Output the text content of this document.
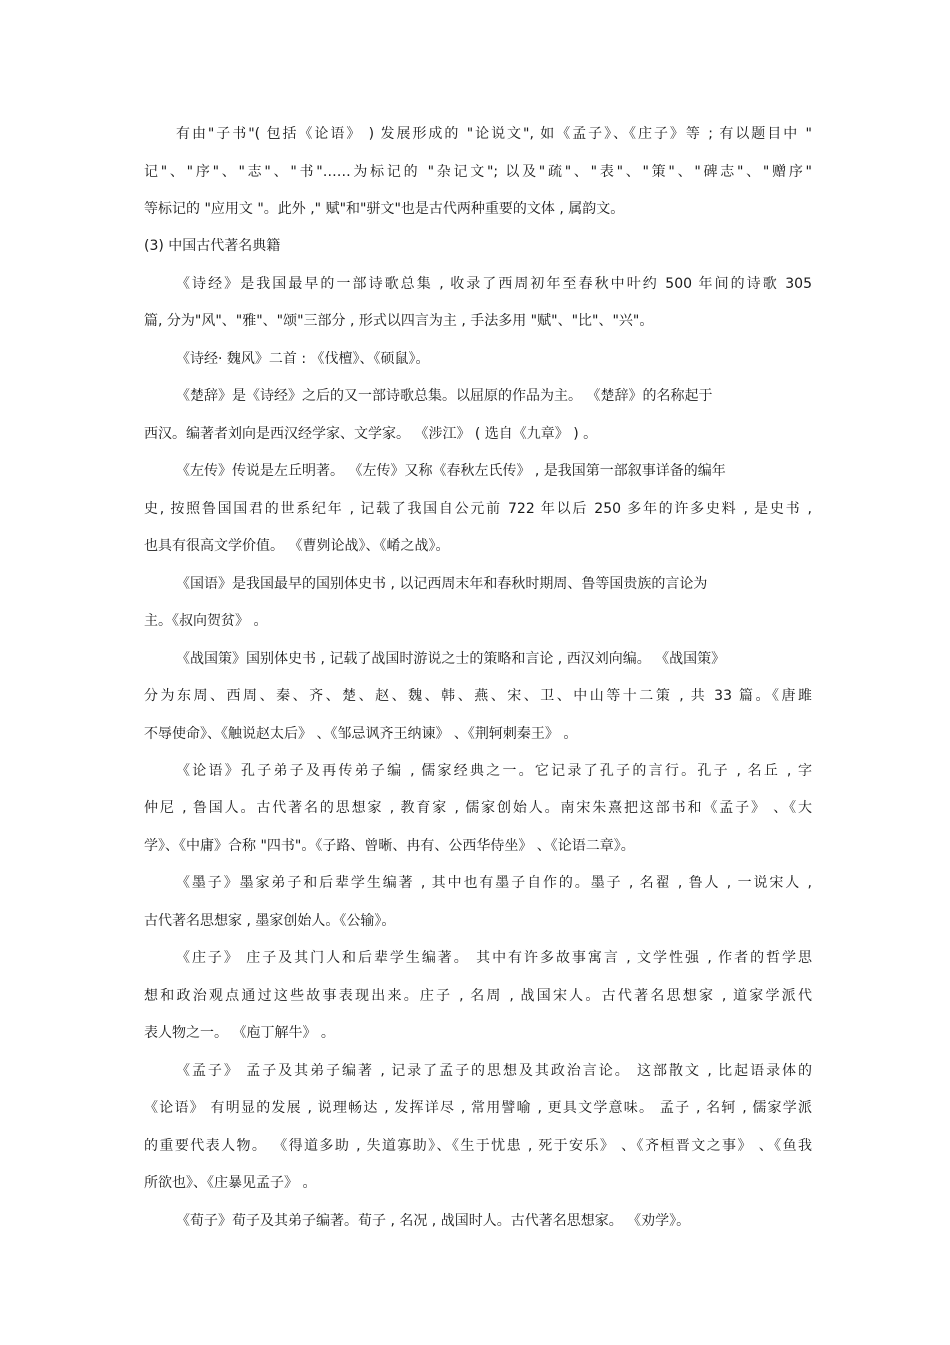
有由"子书"( 包括《论语》 ) 发展形成的 "论说文", 如《孟子》、《庄子》等 ; 有以题目中 "
记"、"序"、"志"、"书"……为标记的 "杂记文"; 以及"疏"、"表"、"策"、"碑志"、"赠序"
等标记的 "应用文 "。此外 ," 赋"和"骈文"也是古代两种重要的文体 , 属韵文。
(3) 中国古代著名典籍
《诗经》是我国最早的一部诗歌总集 , 收录了西周初年至春秋中叶约 500 年间的诗歌 305
篇, 分为"风"、"雅"、"颂"三部分 , 形式以四言为主 , 手法多用 "赋"、"比"、"兴"。
《诗经· 魏风》二首 : 《伐檀》、《硕鼠》。
《楚辞》是《诗经》之后的又一部诗歌总集。以屈原的作品为主。 《楚辞》的名称起于
西汉。编著者刘向是西汉经学家、文学家。 《涉江》 ( 选自《九章》 ) 。
《左传》传说是左丘明著。 《左传》又称《春秋左氏传》 , 是我国第一部叙事详备的编年
史, 按照鲁国国君的世系纪年 , 记载了我国自公元前 722 年以后 250 多年的许多史料 , 是史书 ,
也具有很高文学价值。 《曹刿论战》、《崤之战》。
《国语》是我国最早的国别体史书 , 以记西周末年和春秋时期周、鲁等国贵族的言论为
主。《叔向贺贫》 。
《战国策》国别体史书 , 记载了战国时游说之士的策略和言论 , 西汉刘向编。 《战国策》
分为东周、西周、秦、齐、楚、赵、魏、韩、燕、宋、卫、中山等十二策 , 共 33 篇。《唐雎
不辱使命》、《触说赵太后》 、《邹忌讽齐王纳谏》 、《荆轲刺秦王》 。
《论语》孔子弟子及再传弟子编 , 儒家经典之一。它记录了孔子的言行。孔子 , 名丘 , 字
仲尼 , 鲁国人。古代著名的思想家 , 教育家 , 儒家创始人。南宋朱熹把这部书和《孟子》 、《大
学》、《中庸》合称 "四书"。《子路、曾晰、冉有、公西华侍坐》 、《论语二章》。
《墨子》墨家弟子和后辈学生编著 , 其中也有墨子自作的。墨子 , 名翟 , 鲁人 , 一说宋人 ,
古代著名思想家 , 墨家创始人。《公输》。
《庄子》 庄子及其门人和后辈学生编著。 其中有许多故事寓言 , 文学性强 , 作者的哲学思
想和政治观点通过这些故事表现出来。庄子 , 名周 , 战国宋人。古代著名思想家 , 道家学派代
表人物之一。 《庖丁解牛》 。
《孟子》 孟子及其弟子编著 , 记录了孟子的思想及其政治言论。 这部散文 , 比起语录体的
《论语》 有明显的发展 , 说理畅达 , 发挥详尽 , 常用譬喻 , 更具文学意味。 孟子 , 名轲 , 儒家学派
的重要代表人物。 《得道多助 , 失道寡助》、《生于忧患 , 死于安乐》 、《齐桓晋文之事》 、《鱼我
所欲也》、《庄暴见孟子》 。
《荀子》荀子及其弟子编著。荀子 , 名况 , 战国时人。古代著名思想家。 《劝学》。
